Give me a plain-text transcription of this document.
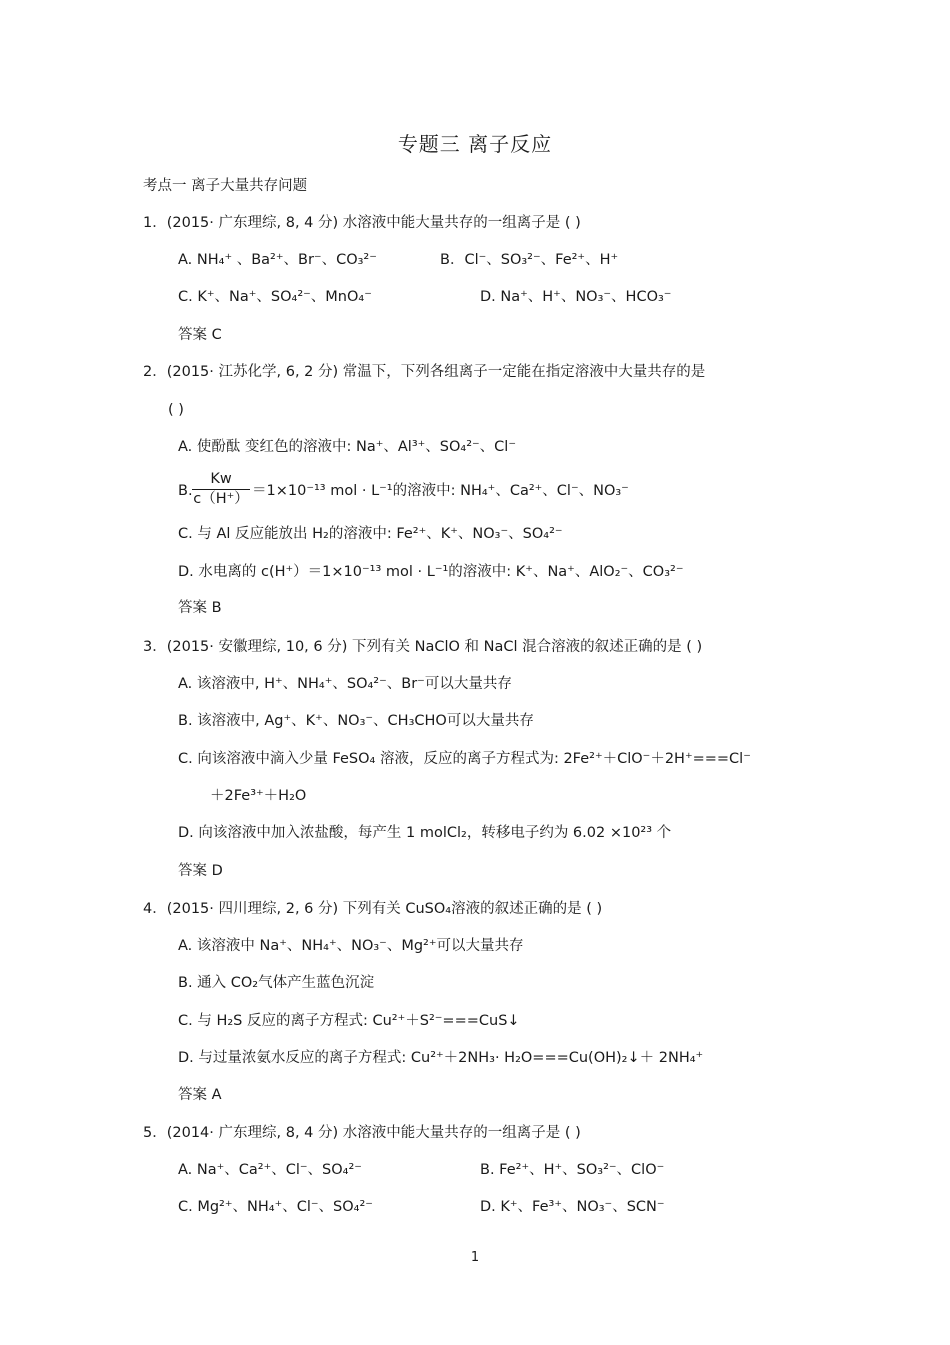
专题三 离子反应
考点一 离子大量共存问题
1．(2015· 广东理综, 8, 4 分) 水溶液中能大量共存的一组离子是 ( )
A. NH₄⁺ 、Ba²⁺、Br⁻、CO₃²⁻	B．Cl⁻、SO₃²⁻、Fe²⁺、H⁺
C. K⁺、Na⁺、SO₄²⁻、MnO₄⁻	D. Na⁺、H⁺、NO₃⁻、HCO₃⁻
答案 C
2．(2015· 江苏化学, 6, 2 分) 常温下，下列各组离子一定能在指定溶液中大量共存的是
( )
A. 使酚酞 变红色的溶液中: Na⁺、Al³⁺、SO₄²⁻、Cl⁻
B. $\frac{Kw}{c(H^+)} =1\times 10^{-13}$ mol · L⁻¹的溶液中: NH₄⁺、Ca²⁺、Cl⁻、NO₃⁻
C. 与 Al 反应能放出 H₂的溶液中: Fe²⁺、K⁺、NO₃⁻、SO₄²⁻
D. 水电离的 c(H⁺）＝1×10⁻¹³ mol · L⁻¹的溶液中: K⁺、Na⁺、AlO₂⁻、CO₃²⁻
答案 B
3．(2015· 安徽理综, 10, 6 分) 下列有关 NaClO 和 NaCl 混合溶液的叙述正确的是 ( )
A. 该溶液中, H⁺、NH₄⁺、SO₄²⁻、Br⁻可以大量共存
B. 该溶液中, Ag⁺、K⁺、NO₃⁻、CH₃CHO可以大量共存
C. 向该溶液中滴入少量 FeSO₄ 溶液，反应的离子方程式为: 2Fe²⁺＋ClO⁻＋2H⁺===Cl⁻
＋2Fe³⁺＋H₂O
D. 向该溶液中加入浓盐酸，每产生 1 molCl₂，转移电子约为 6.02 ×10²³ 个
答案 D
4．(2015· 四川理综, 2, 6 分) 下列有关 CuSO₄溶液的叙述正确的是 ( )
A. 该溶液中 Na⁺、NH₄⁺、NO₃⁻、Mg²⁺可以大量共存
B. 通入 CO₂气体产生蓝色沉淀
C. 与 H₂S 反应的离子方程式: Cu²⁺＋S²⁻===CuS↓
D. 与过量浓氨水反应的离子方程式: Cu²⁺＋2NH₃· H₂O===Cu(OH)₂↓＋ 2NH₄⁺
答案 A
5．(2014· 广东理综, 8, 4 分) 水溶液中能大量共存的一组离子是 ( )
A. Na⁺、Ca²⁺、Cl⁻、SO₄²⁻	B. Fe²⁺、H⁺、SO₃²⁻、ClO⁻
C. Mg²⁺、NH₄⁺、Cl⁻、SO₄²⁻	D. K⁺、Fe³⁺、NO₃⁻、SCN⁻
1
